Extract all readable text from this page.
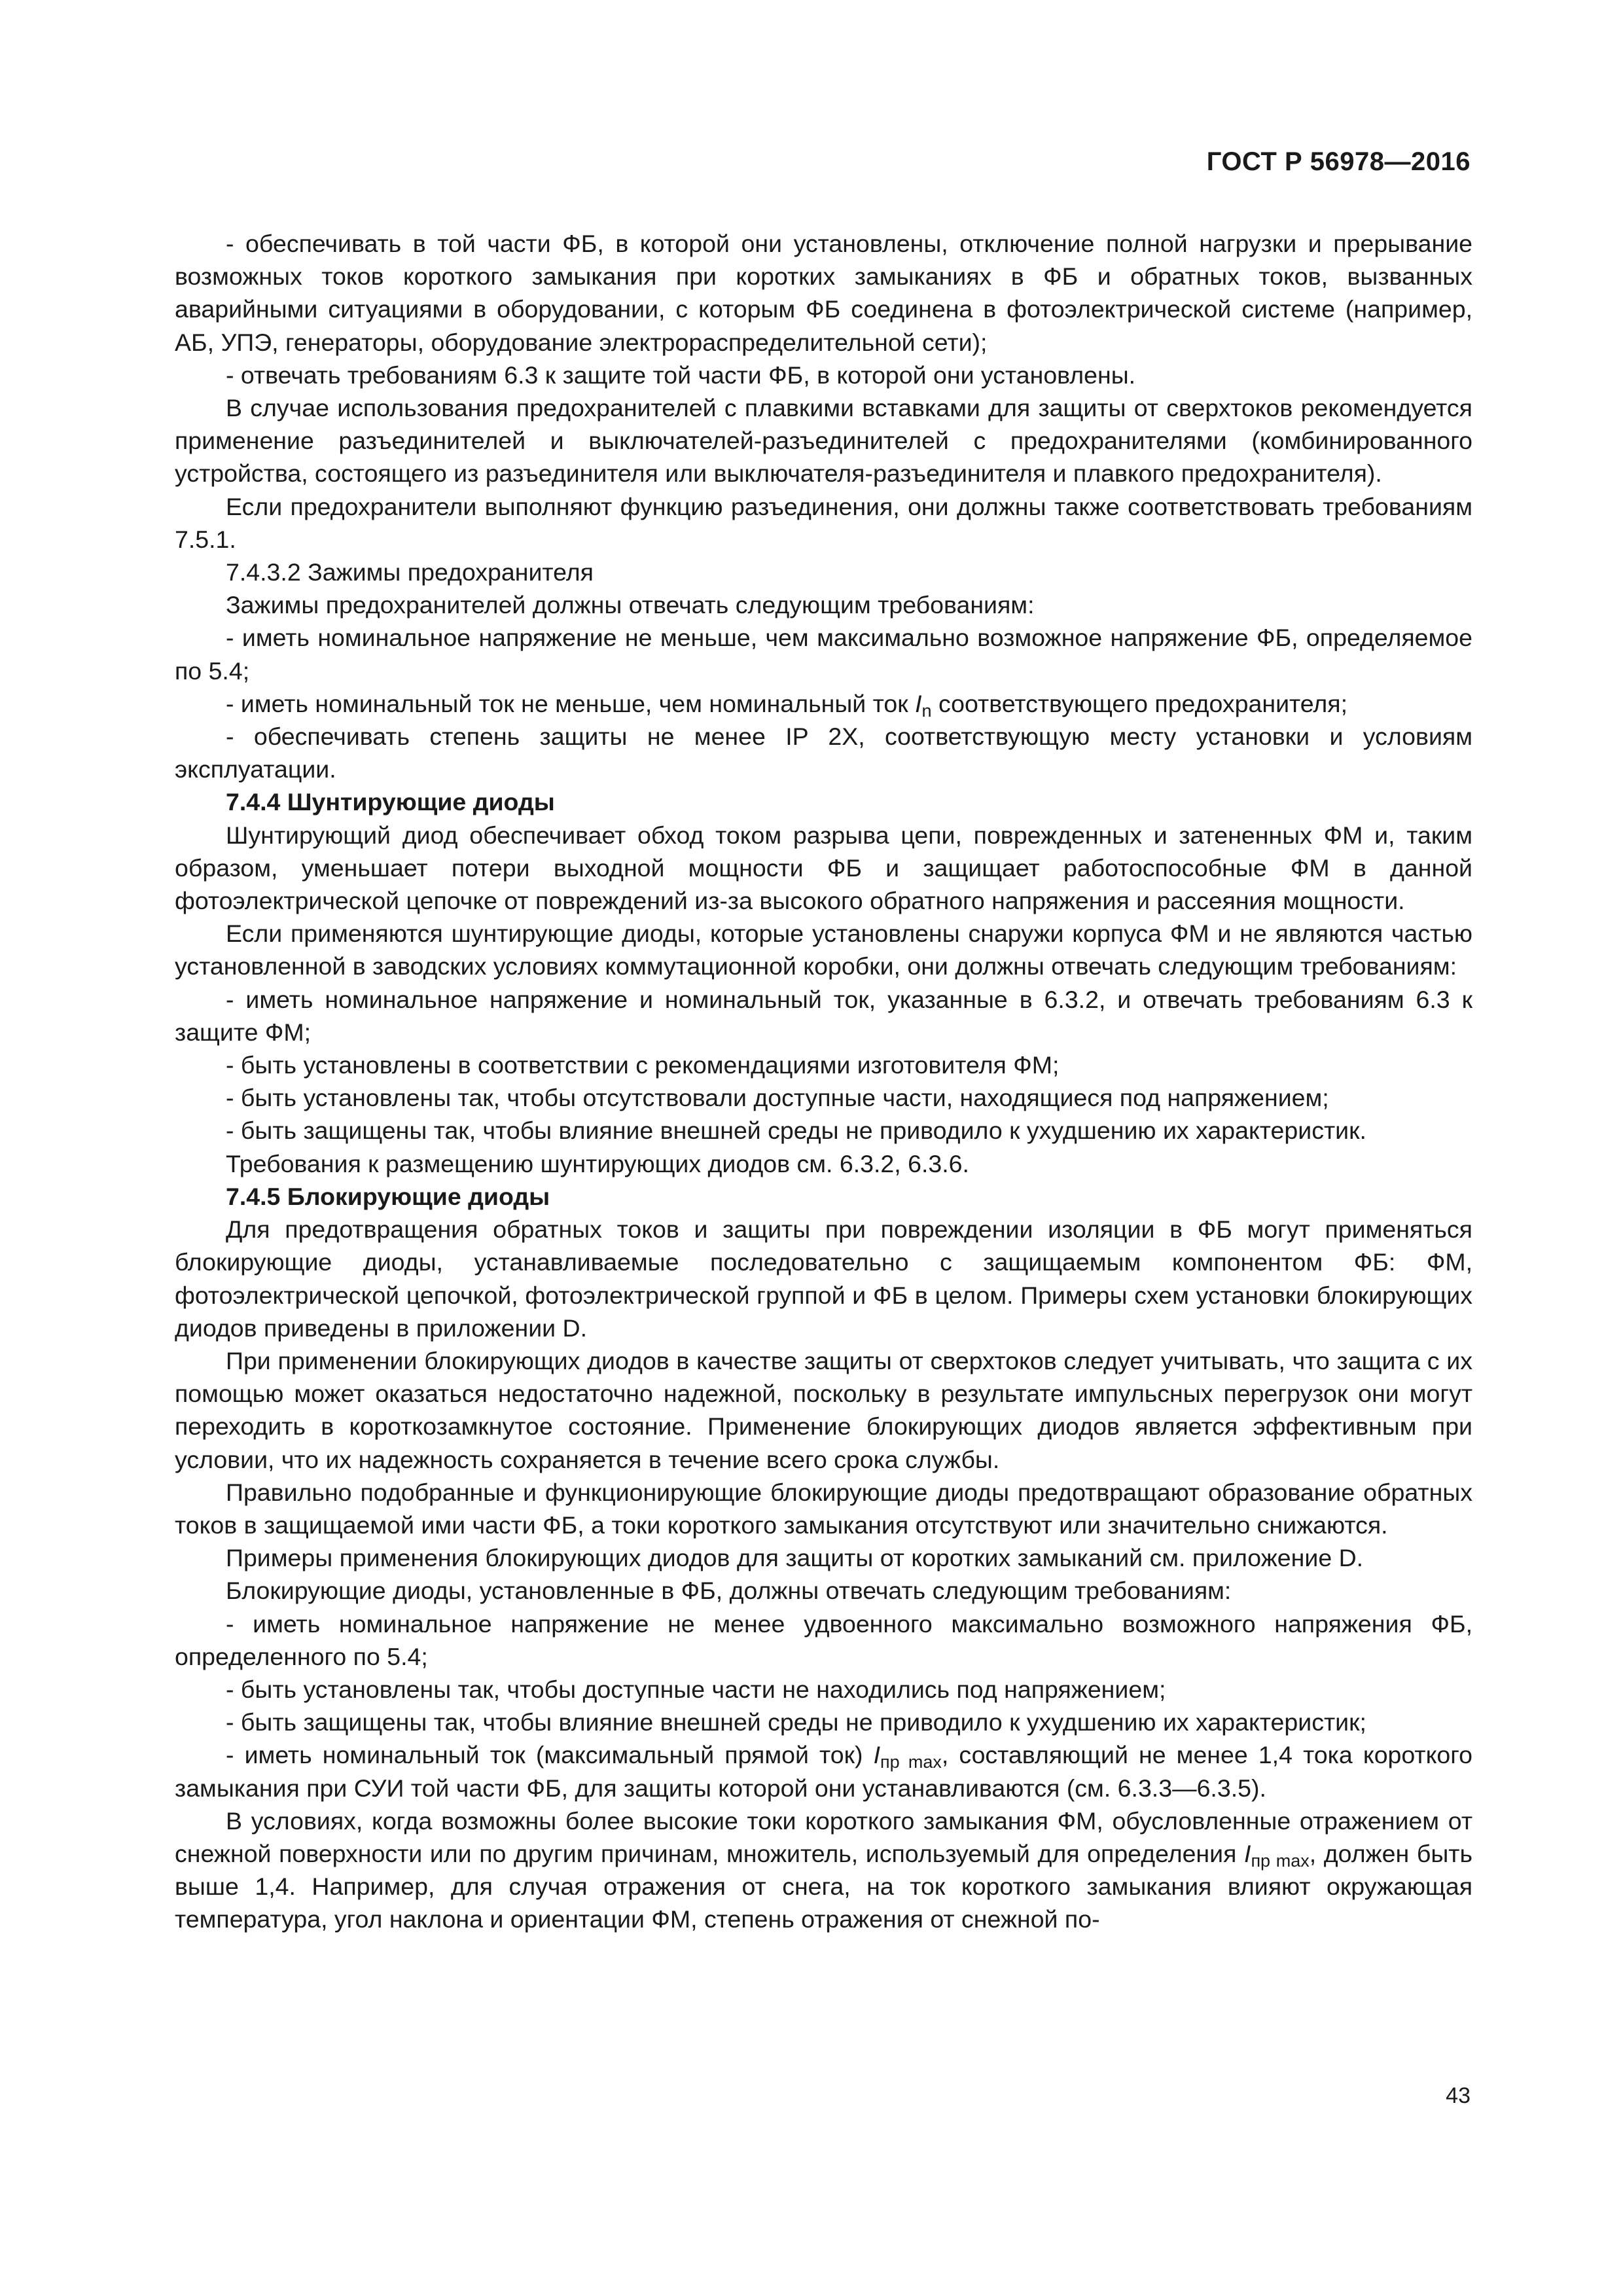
ГОСТ Р 56978—2016

- обеспечивать в той части ФБ, в которой они установлены, отключение полной нагрузки и прерывание возможных токов короткого замыкания при коротких замыканиях в ФБ и обратных токов, вызванных аварийными ситуациями в оборудовании, с которым ФБ соединена в фотоэлектрической системе (например, АБ, УПЭ, генераторы, оборудование электрораспределительной сети);

- отвечать требованиям 6.3 к защите той части ФБ, в которой они установлены.

В случае использования предохранителей с плавкими вставками для защиты от сверхтоков рекомендуется применение разъединителей и выключателей-разъединителей с предохранителями (комбинированного устройства, состоящего из разъединителя или выключателя-разъединителя и плавкого предохранителя).

Если предохранители выполняют функцию разъединения, они должны также соответствовать требованиям 7.5.1.

7.4.3.2 Зажимы предохранителя

Зажимы предохранителей должны отвечать следующим требованиям:

- иметь номинальное напряжение не меньше, чем максимально возможное напряжение ФБ, определяемое по 5.4;

- иметь номинальный ток не меньше, чем номинальный ток $I_n$ соответствующего предохранителя;

- обеспечивать степень защиты не менее IP 2X, соответствующую месту установки и условиям эксплуатации.

7.4.4 Шунтирующие диоды

Шунтирующий диод обеспечивает обход током разрыва цепи, поврежденных и затененных ФМ и, таким образом, уменьшает потери выходной мощности ФБ и защищает работоспособные ФМ в данной фотоэлектрической цепочке от повреждений из-за высокого обратного напряжения и рассеяния мощности.

Если применяются шунтирующие диоды, которые установлены снаружи корпуса ФМ и не являются частью установленной в заводских условиях коммутационной коробки, они должны отвечать следующим требованиям:

- иметь номинальное напряжение и номинальный ток, указанные в 6.3.2, и отвечать требованиям 6.3 к защите ФМ;

- быть установлены в соответствии с рекомендациями изготовителя ФМ;

- быть установлены так, чтобы отсутствовали доступные части, находящиеся под напряжением;

- быть защищены так, чтобы влияние внешней среды не приводило к ухудшению их характеристик.

Требования к размещению шунтирующих диодов см. 6.3.2, 6.3.6.

7.4.5 Блокирующие диоды

Для предотвращения обратных токов и защиты при повреждении изоляции в ФБ могут применяться блокирующие диоды, устанавливаемые последовательно с защищаемым компонентом ФБ: ФМ, фотоэлектрической цепочкой, фотоэлектрической группой и ФБ в целом. Примеры схем установки блокирующих диодов приведены в приложении D.

При применении блокирующих диодов в качестве защиты от сверхтоков следует учитывать, что защита с их помощью может оказаться недостаточно надежной, поскольку в результате импульсных перегрузок они могут переходить в короткозамкнутое состояние. Применение блокирующих диодов является эффективным при условии, что их надежность сохраняется в течение всего срока службы.

Правильно подобранные и функционирующие блокирующие диоды предотвращают образование обратных токов в защищаемой ими части ФБ, а токи короткого замыкания отсутствуют или значительно снижаются.

Примеры применения блокирующих диодов для защиты от коротких замыканий см. приложение D.

Блокирующие диоды, установленные в ФБ, должны отвечать следующим требованиям:

- иметь номинальное напряжение не менее удвоенного максимально возможного напряжения ФБ, определенного по 5.4;

- быть установлены так, чтобы доступные части не находились под напряжением;

- быть защищены так, чтобы влияние внешней среды не приводило к ухудшению их характеристик;

- иметь номинальный ток (максимальный прямой ток) $I_{пр max}$, составляющий не менее 1,4 тока короткого замыкания при СУИ той части ФБ, для защиты которой они устанавливаются (см. 6.3.3—6.3.5).

В условиях, когда возможны более высокие токи короткого замыкания ФМ, обусловленные отражением от снежной поверхности или по другим причинам, множитель, используемый для определения $I_{пр max}$, должен быть выше 1,4. Например, для случая отражения от снега, на ток короткого замыкания влияют окружающая температура, угол наклона и ориентации ФМ, степень отражения от снежной по-

43
